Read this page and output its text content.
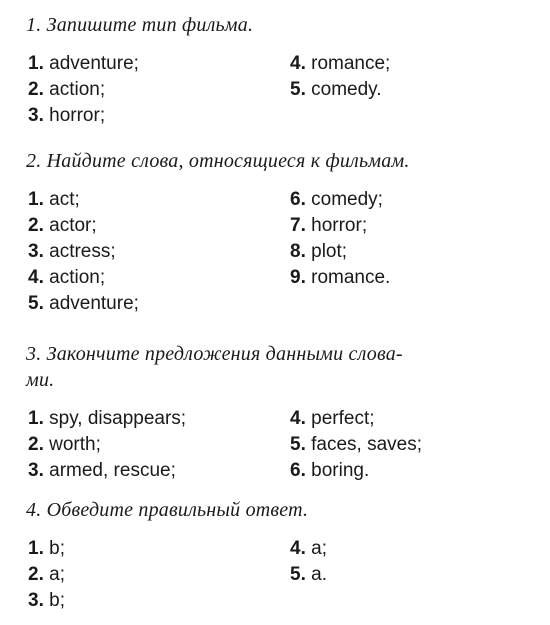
1. Запишите тип фильма.

1. adventure;
2. action;
3. horror;
4. romance;
5. comedy.

2. Найдите слова, относящиеся к фильмам.

1. act;
2. actor;
3. actress;
4. action;
5. adventure;
6. comedy;
7. horror;
8. plot;
9. romance.

3. Закончите предложения данными слова-
ми.

1. spy, disappears;
2. worth;
3. armed, rescue;
4. perfect;
5. faces, saves;
6. boring.

4. Обведите правильный ответ.

1. b;
2. a;
3. b;
4. a;
5. a.
